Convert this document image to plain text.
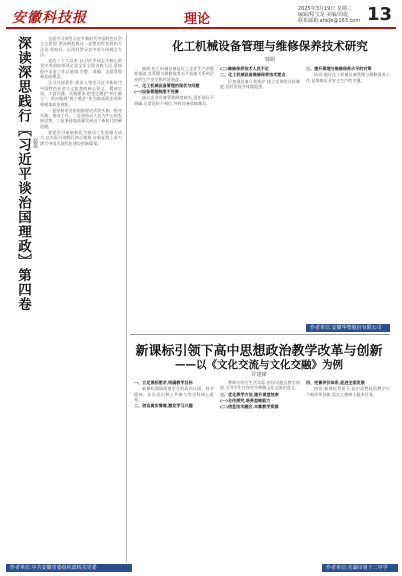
安徽科技报	理论
2025年3月19日 星期三
编辑/程宝龙 美编/周旋
联系邮箱:ahkjb@163.com 13
深读深思践行〖习近平谈治国理政〗第四卷 赵晟

全面学习领会习近平新时代中国特色社会主义思想,要深刻把握这一思想的世界观和方法论,坚持好、运用好贯穿其中的立场观点方法。

党的二十大以来,以习近平同志为核心的党中央团结带领全党全军全国各族人民,坚持稳中求进工作总基调,完整、准确、全面贯彻新发展理念。

学习这部著作,要深入领会习近平新时代中国特色社会主义思想的核心要义、精神实质、丰富内涵、实践要求,把坚定拥护“两个确立”、坚决做到“两个维护”作为最高政治原则和根本政治规矩。

一是坚持用党的创新理论武装头脑、指导实践、推动工作。二是坚持以人民为中心的发展思想。三是坚持高质量发展这个新时代的硬道理。

要把学习成果转化为推动工作的强大动力,以实际行动践行初心使命,在新征程上奋力谱写中国式现代化建设的新篇章。

化工机械设备管理与维修保养技术研究
韩娟

摘要:化工机械设备是化工企业生产的重要基础,其管理与维修保养水平直接关系到企业的生产安全和经济效益。

一、化工机械设备管理的现状与问题

(一)设备管理制度不完善

部分企业设备管理制度缺失,责任划分不明确,日常巡检不到位,导致设备故障频发。

(二)维修保养技术人员不足

二、化工机械设备维修保养技术要点

应加强设备日常维护,建立完善的点检制度,及时发现并排除隐患。

三、提升管理与维修保养水平的对策

结语:做好化工机械设备管理与维修保养工作,是保障企业安全生产的关键。

作者单位:安徽华塑股份有限公司
新课标引领下高中思想政治教学改革与创新
——以《文化交流与文化交融》为例
许建锋

一、立足课标要求,明确教学目标

新课标强调培育学生的政治认同、科学精神、法治意识和公共参与等学科核心素养。

二、创设真实情境,激发学习兴趣

教师应结合生活实际,创设议题式教学情境,引导学生在探究中理解文化交流的意义。

三、优化教学方法,提升课堂效率

(一)合作探究,培养思维能力

(二)信息技术融合,丰富教学资源

四、完善评价体系,促进全面发展

结语:新课标背景下,高中思想政治教学应不断改革创新,落实立德树人根本任务。

作者单位:中共安徽省委组织部机关党委	作者单位:芜湖市第十二中学
